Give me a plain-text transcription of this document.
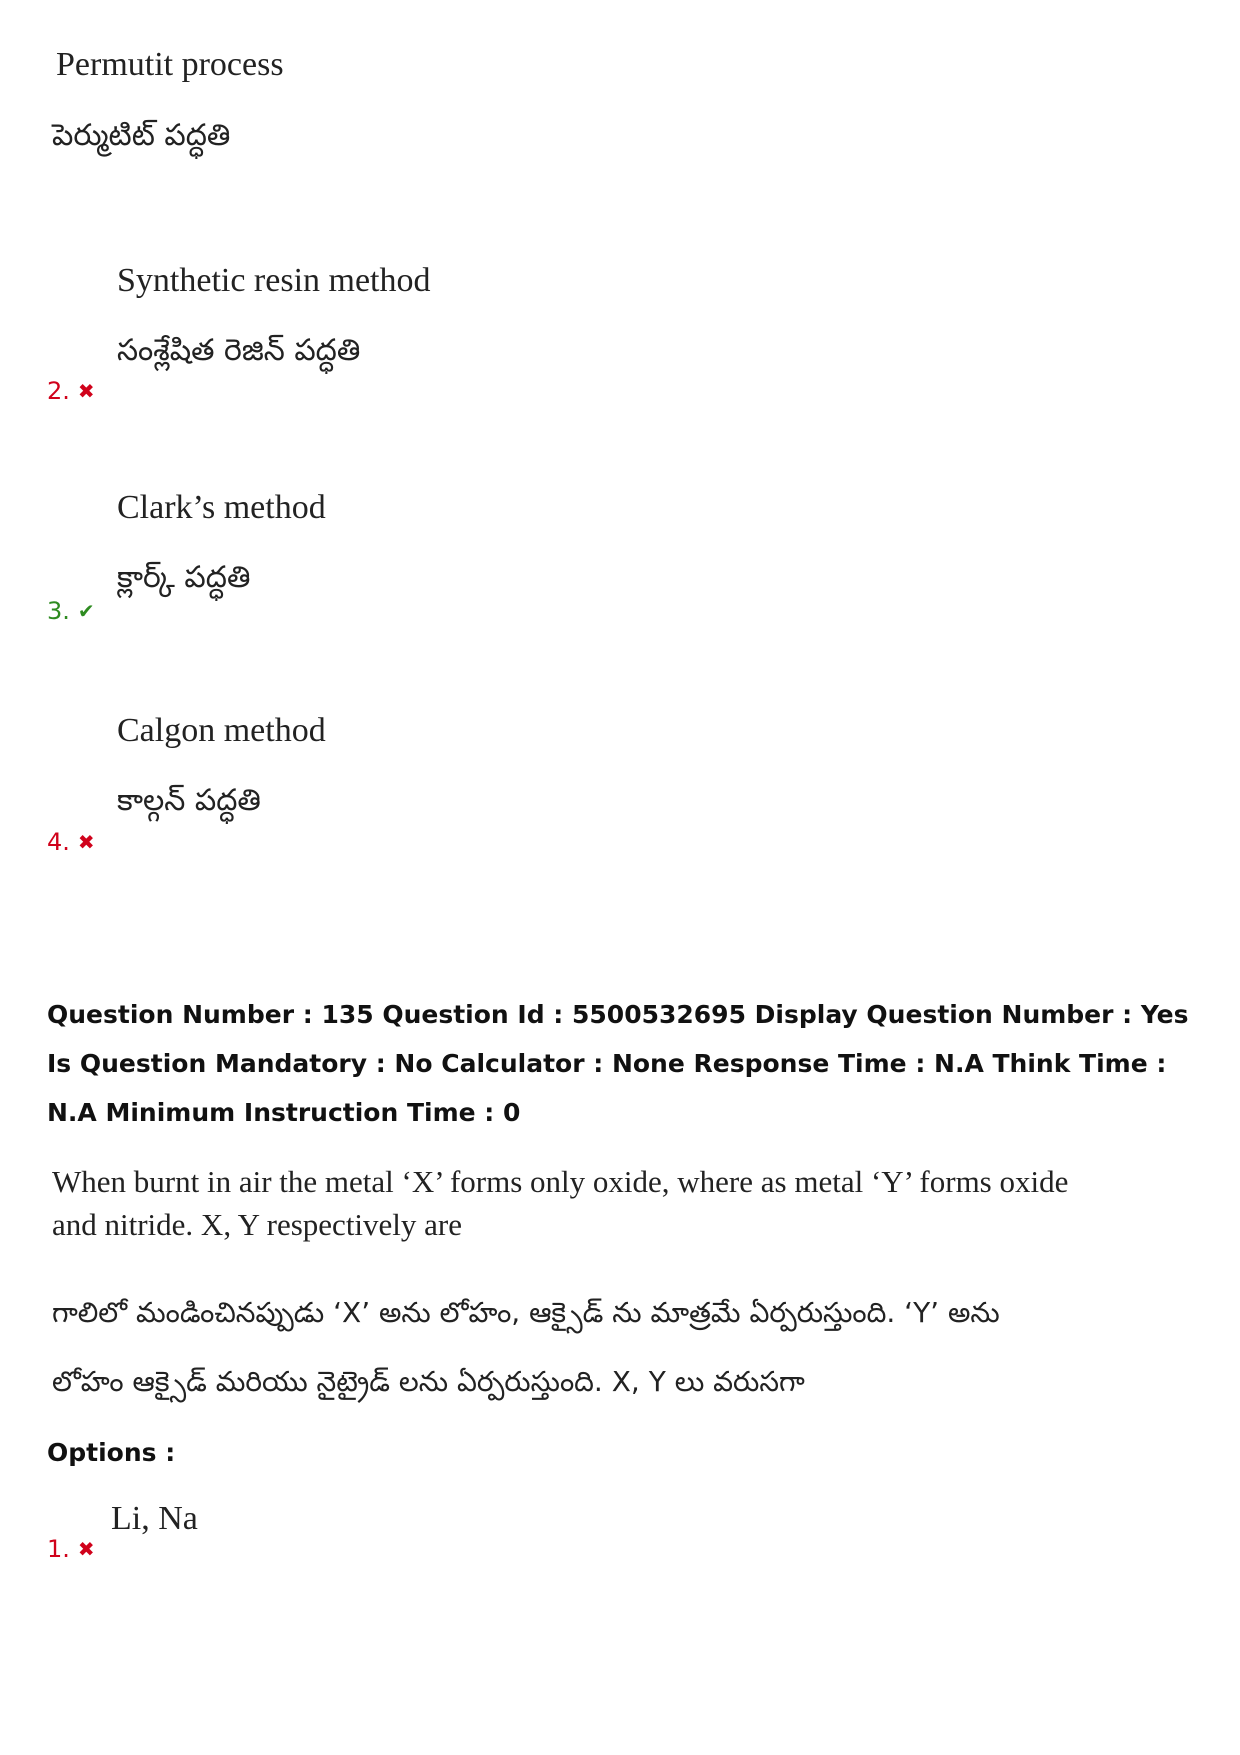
Permutit process
పెర్ముటిట్ పద్ధతి
Synthetic resin method
సంశ్లేషిత రెజిన్ పద్ధతి
2. ✖
Clark’s method
క్లార్క్ పద్ధతి
3. ✔
Calgon method
కాల్గన్ పద్ధతి
4. ✖
Question Number : 135 Question Id : 5500532695 Display Question Number : Yes Is Question Mandatory : No Calculator : None Response Time : N.A Think Time : N.A Minimum Instruction Time : 0
When burnt in air the metal ‘X’ forms only oxide, where as metal ‘Y’ forms oxide
and nitride. X, Y respectively are
గాలిలో మండించినప్పుడు ‘X’ అను లోహం, ఆక్సైడ్ ను మాత్రమే ఏర్పరుస్తుంది. ‘Y’ అను
లోహం ఆక్సైడ్ మరియు నైట్రైడ్ లను ఏర్పరుస్తుంది. X, Y లు వరుసగా
Options :
Li, Na
1. ✖
